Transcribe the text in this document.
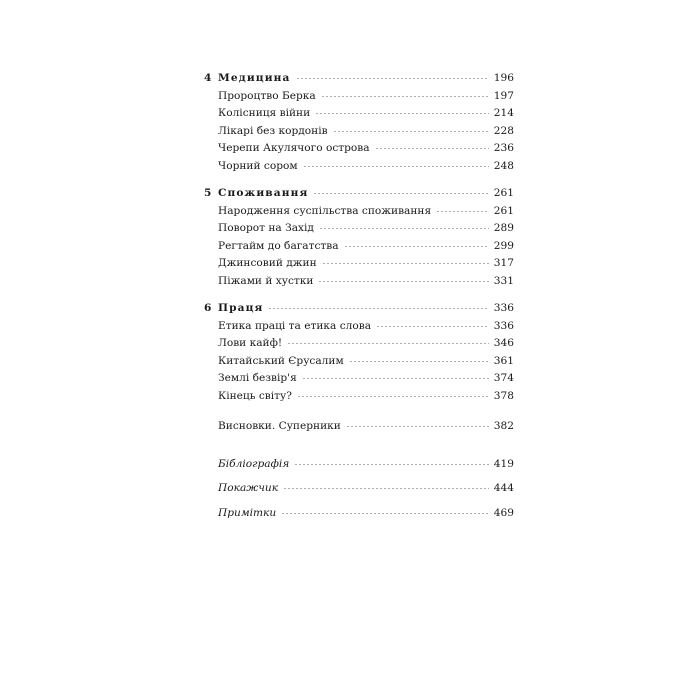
4 Медицина	196
Пророцтво Берка	197
Колісниця війни	214
Лікарі без кордонів	228
Черепи Акулячого острова	236
Чорний сором	248
5 Споживання	261
Народження суспільства споживання	261
Поворот на Захід	289
Регтайм до багатства	299
Джинсовий джин	317
Піжами й хустки	331
6 Праця	336
Етика праці та етика слова	336
Лови кайф!	346
Китайський Єрусалим	361
Землі безвір'я	374
Кінець світу?	378
Висновки. Суперники	382
Бібліографія	419
Покажчик	444
Примітки	469
